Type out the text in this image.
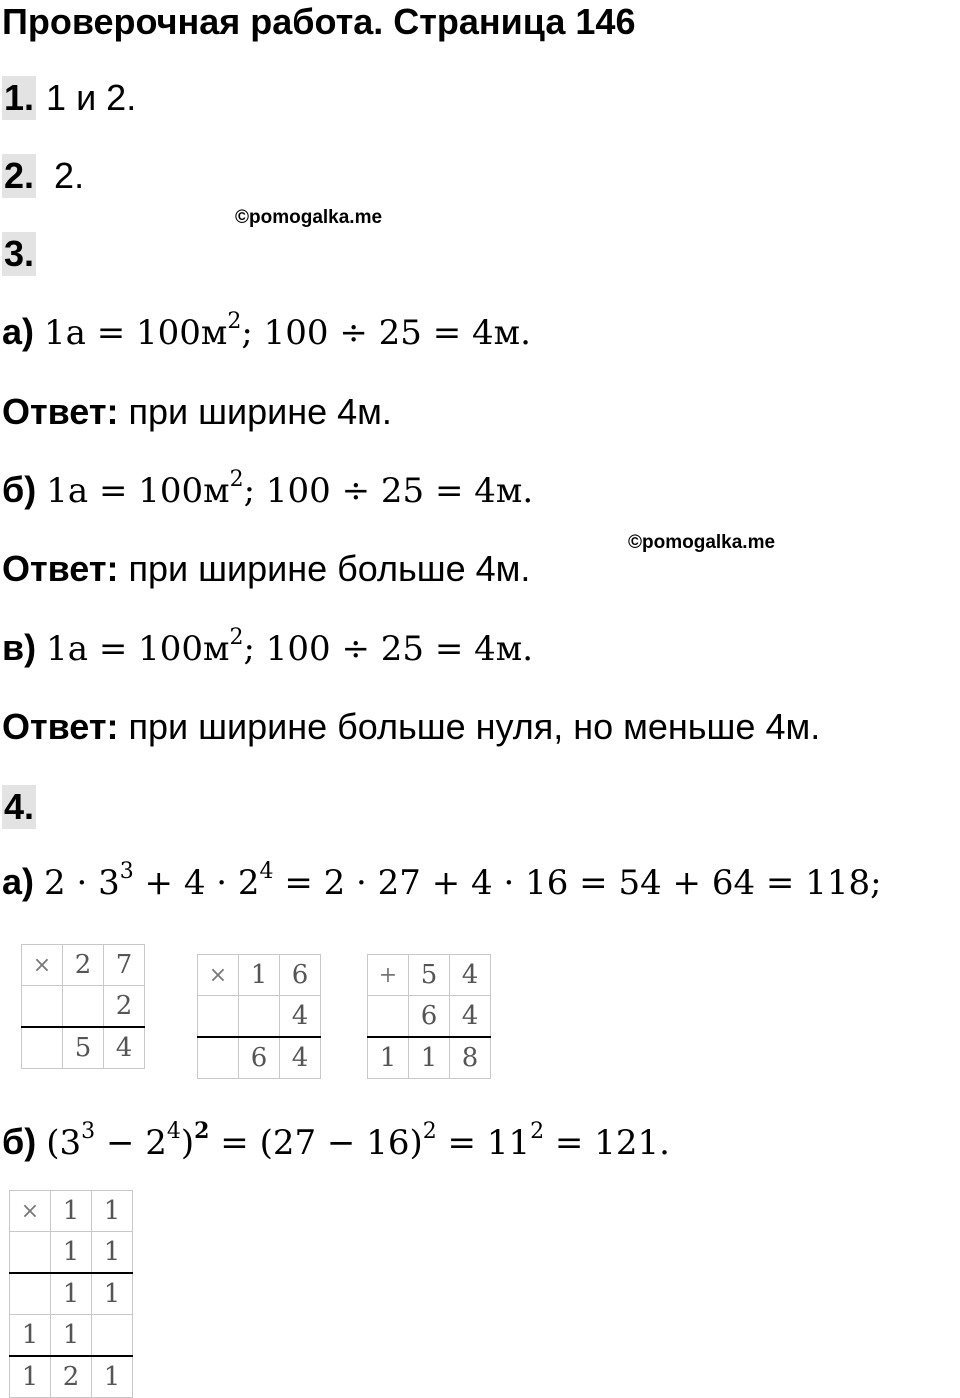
Проверочная работа. Страница 146
1. 1 и 2.
2. 2.
©pomogalka.me
3.
а) $1а = 100м^2$; 100 ÷ 25 = 4м.
Ответ: при ширине 4м.
б) $1а = 100м^2$; 100 ÷ 25 = 4м.
©pomogalka.me
Ответ: при ширине больше 4м.
в) $1а = 100м^2$; 100 ÷ 25 = 4м.
Ответ: при ширине больше нуля, но меньше 4м.
4.
а) $2 \cdot 3^3 + 4 \cdot 2^4 = 2 \cdot 27 + 4 \cdot 16 = 54 + 64 = 118$;
×	2	7
		2
	5	4
×	1	6
		4
	6	4
+	5	4
	6	4
1	1	8
б) $(3^3 - 2^4)^2 = (27 - 16)^2 = 11^2 = 121$.
×	1	1
	1	1
	1	1
1	1	
1	2	1
